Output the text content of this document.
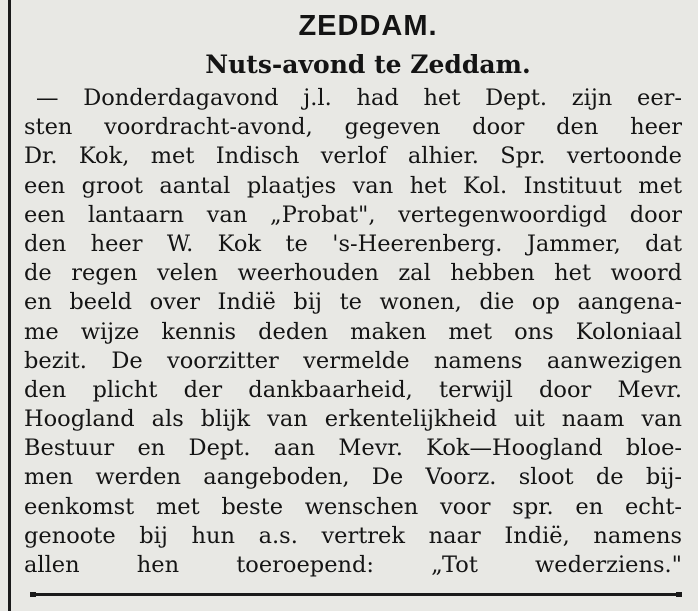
ZEDDAM.
Nuts-avond te Zeddam.
— Donderdagavond j.l. had het Dept. zijn eer-
sten voordracht-avond, gegeven door den heer
Dr. Kok, met Indisch verlof alhier. Spr. vertoonde
een groot aantal plaatjes van het Kol. Instituut met
een lantaarn van „Probat", vertegenwoordigd door
den heer W. Kok te 's-Heerenberg. Jammer, dat
de regen velen weerhouden zal hebben het woord
en beeld over Indië bij te wonen, die op aangena-
me wijze kennis deden maken met ons Koloniaal
bezit. De voorzitter vermelde namens aanwezigen
den plicht der dankbaarheid, terwijl door Mevr.
Hoogland als blijk van erkentelijkheid uit naam van
Bestuur en Dept. aan Mevr. Kok—Hoogland bloe-
men werden aangeboden, De Voorz. sloot de bij-
eenkomst met beste wenschen voor spr. en echt-
genoote bij hun a.s. vertrek naar Indië, namens
allen hen toeroepend: „Tot wederziens."
